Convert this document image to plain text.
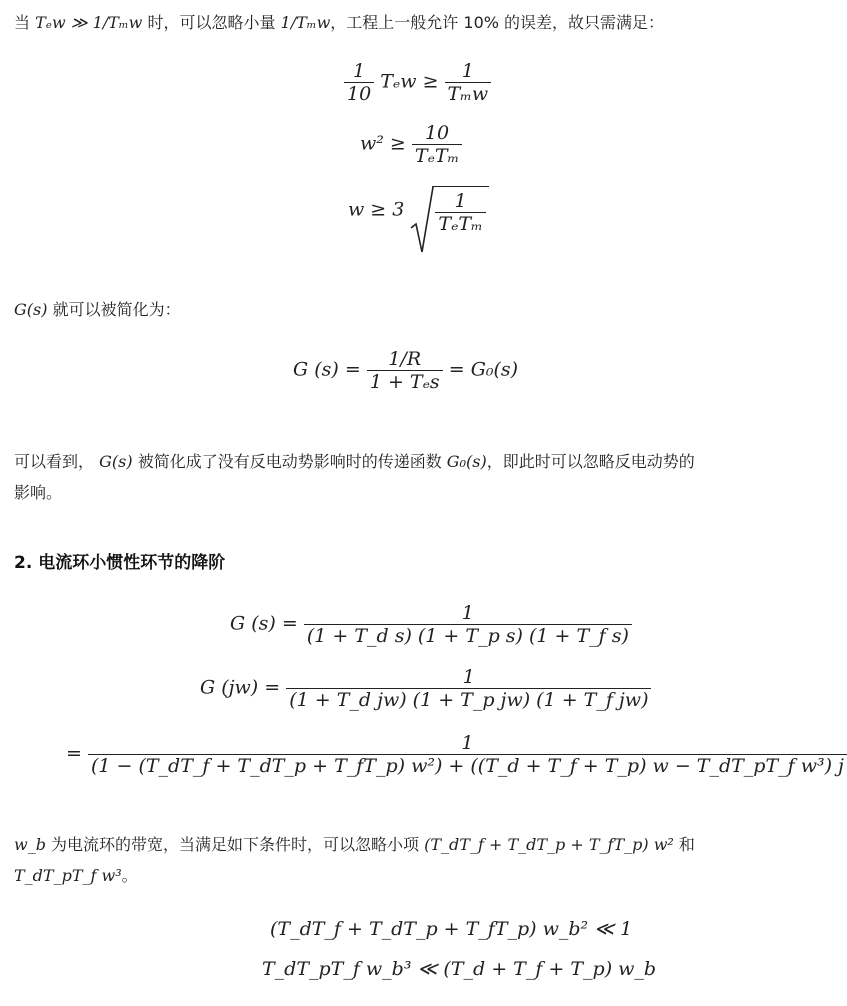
当 Tₑw ≫ 1/Tₘw 时，可以忽略小量 1/Tₘw，工程上一般允许 10% 的误差，故只需满足：
$\frac{1}{10}$ $T_ew \ge \frac{1}{\text{Tₘw}}$
$w^2 \ge \frac{10}{\text{TₑTₘ}}$
$w \ge 3 \frac{1}{\text{TₑTₘ}}$
G(s) 就可以被简化为：
G $(s) = \frac{1/R}{\text{1 + Tₑs}} = G_0(s)$
可以看到， G(s) 被简化成了没有反电动势影响时的传递函数 G₀(s)，即此时可以忽略反电动势的
影响。
2. 电流环小惯性环节的降阶
G $(s) = \frac{1}{\text{(1 + T\_d s) (1 + T\_p s) (1 + T\_f s)}}$
G $(jw) = \frac{1}{\text{(1 + T\_d jw) (1 + T\_p jw) (1 + T\_f jw)}}$
=	1
(1 − (T_dT_f + T_dT_p + T_fT_p) w²) + ((T_d + T_f + T_p) w − T_dT_pT_f w³) j
w_b 为电流环的带宽，当满足如下条件时，可以忽略小项 (T_dT_f + T_dT_p + T_fT_p) w² 和
T_dT_pT_f w³。
(T_dT_f + T_dT_p + T_fT_p) w_b² ≪ 1
T_dT_pT_f w_b³ ≪ (T_d + T_f + T_p) w_b
